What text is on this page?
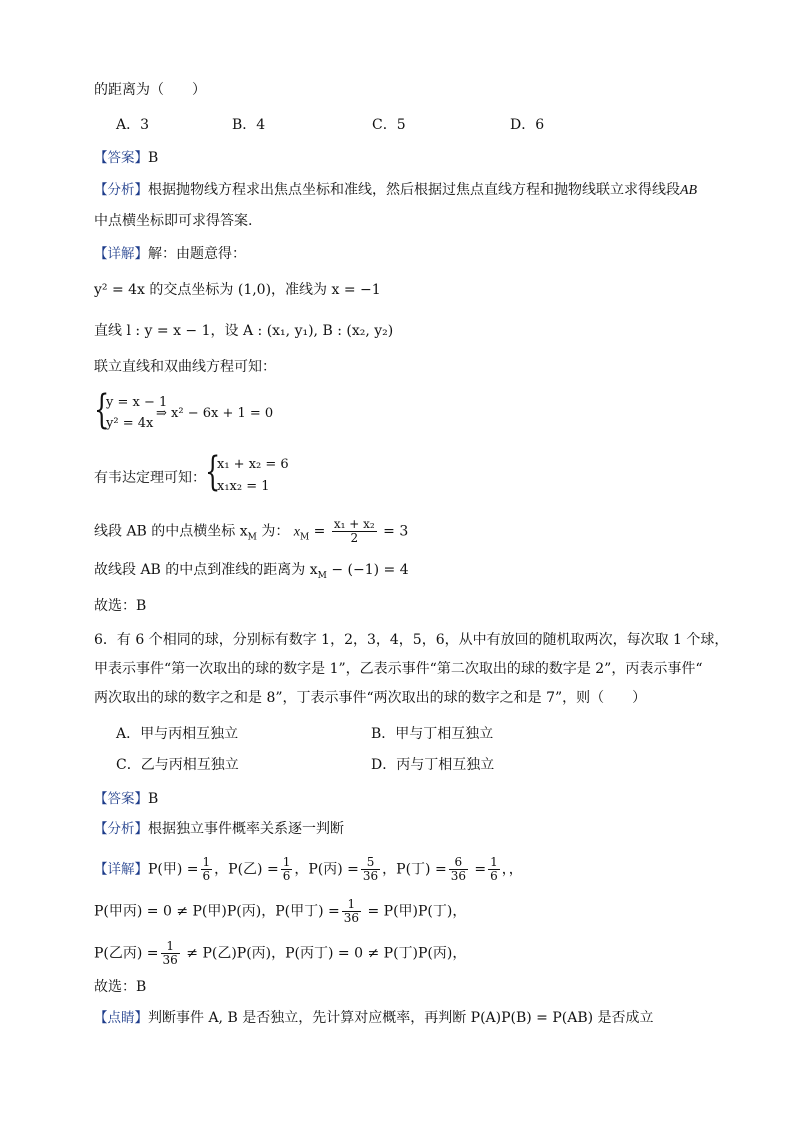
的距离为（　　）
A．3	B．4	C．5	D．6
【答案】B
【分析】根据抛物线方程求出焦点坐标和准线，然后根据过焦点直线方程和抛物线联立求得线段AB
中点横坐标即可求得答案.
【详解】解：由题意得：
y² = 4x 的交点坐标为 (1,0)，准线为 x = −1
直线 l : y = x − 1，设 A : (x₁, y₁), B : (x₂, y₂)
联立直线和双曲线方程可知：
{
y = x − 1
y² = 4x
⇒ x² − 6x + 1 = 0
有韦达定理可知： {
x₁ + x₂ = 6
x₁x₂ = 1
线段 AB 的中点横坐标 $x_M$ 为： $x_M = \frac{\text{x₁ + x₂}}{2} = 3$
故线段 AB 的中点到准线的距离为 $x_M - (-1) = 4$
故选：B
6．有 6 个相同的球，分别标有数字 1，2，3，4，5，6，从中有放回的随机取两次，每次取 1 个球，
甲表示事件“第一次取出的球的数字是 1”，乙表示事件“第二次取出的球的数字是 2”，丙表示事件“
两次取出的球的数字之和是 8”，丁表示事件“两次取出的球的数字之和是 7”，则（　　）
A．甲与丙相互独立	B．甲与丁相互独立
C．乙与丙相互独立	D．丙与丁相互独立
【答案】B
【分析】根据独立事件概率关系逐一判断
【详解】P(甲) = $\frac{1}{6}$ ，P(乙) = $\frac{1}{6}$ ，P(丙) = $\frac{5}{36}$ ，P(丁) = $\frac{6}{36} = \frac{1}{6}$ ，，
P(甲丙) = 0 ≠ P(甲)P(丙)，P(甲丁) = $\frac{1}{36} = P$(甲)P(丁)，
P(乙丙) = $\frac{1}{36} \ne P$(乙)P(丙)，P(丙丁) = 0 ≠ P(丁)P(丙)，
故选：B
【点睛】判断事件 A, B 是否独立，先计算对应概率，再判断 P(A)P(B) = P(AB) 是否成立
